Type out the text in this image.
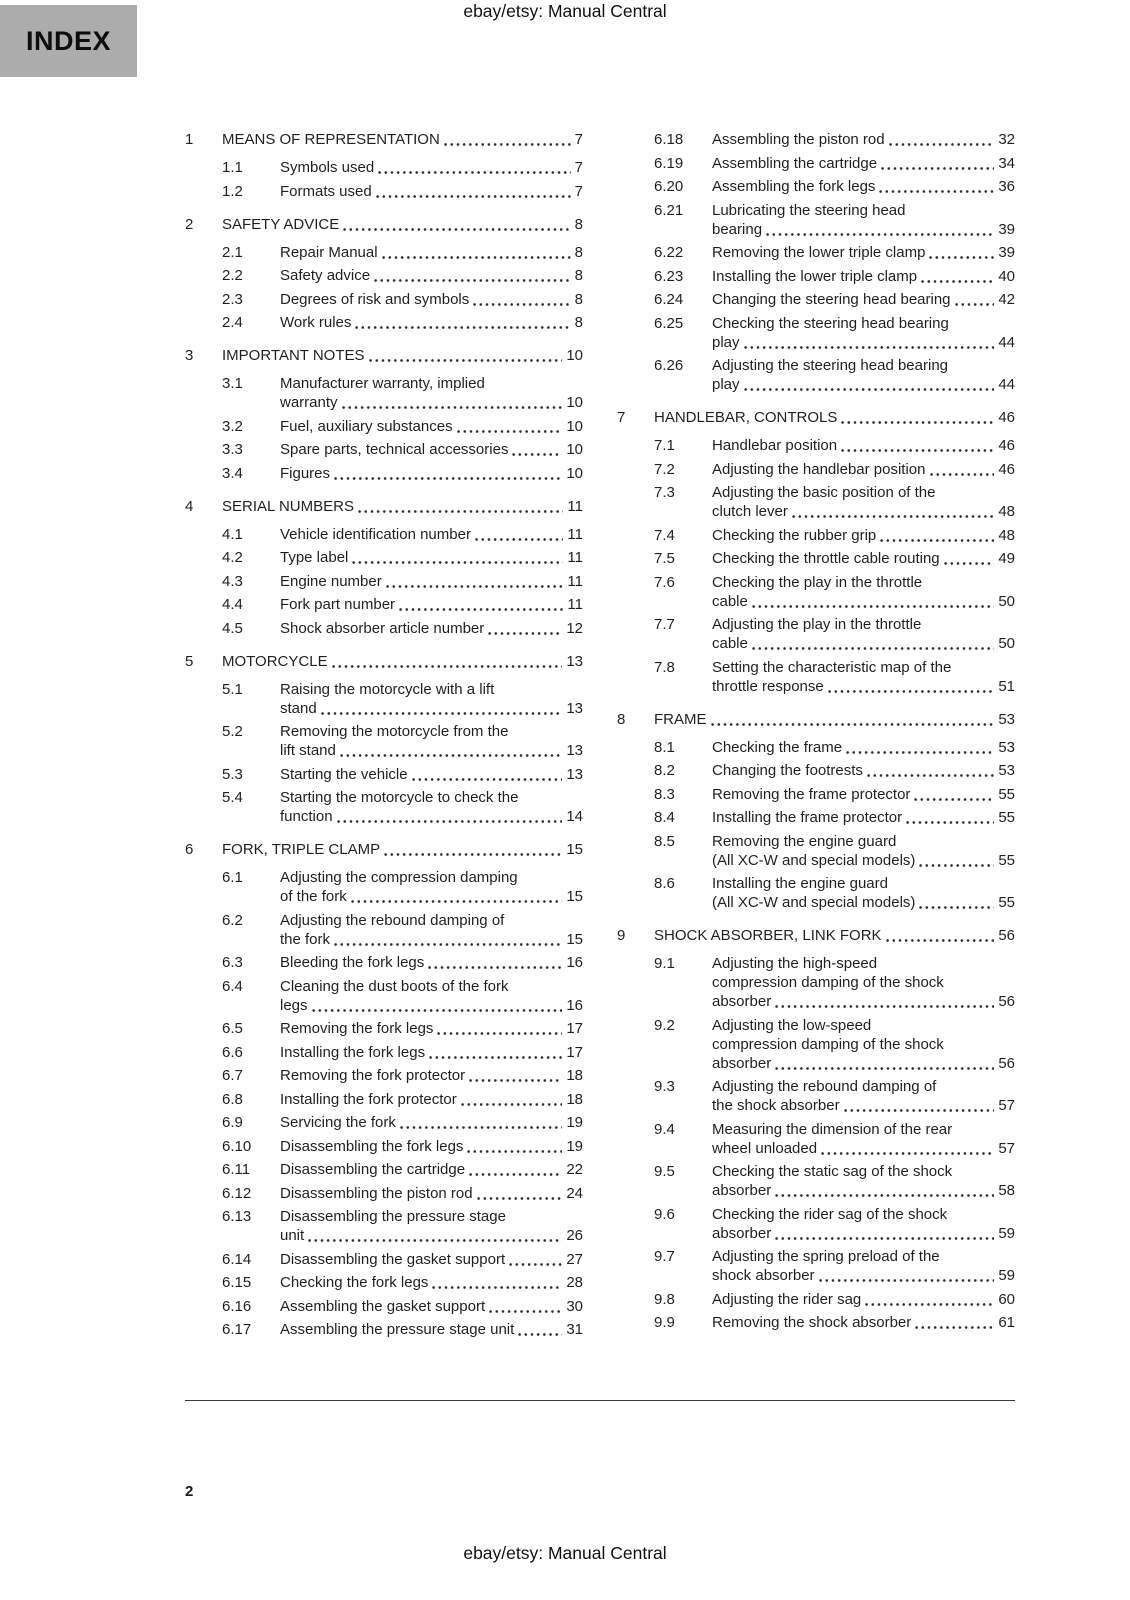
ebay/etsy: Manual Central
INDEX
1	MEANS OF REPRESENTATION	7
1.1	Symbols used	7
1.2	Formats used	7
2	SAFETY ADVICE	8
2.1	Repair Manual	8
2.2	Safety advice	8
2.3	Degrees of risk and symbols	8
2.4	Work rules	8
3	IMPORTANT NOTES	10
3.1	Manufacturer warranty, implied
warranty	10
3.2	Fuel, auxiliary substances	10
3.3	Spare parts, technical accessories	10
3.4	Figures	10
4	SERIAL NUMBERS	11
4.1	Vehicle identification number	11
4.2	Type label	11
4.3	Engine number	11
4.4	Fork part number	11
4.5	Shock absorber article number	12
5	MOTORCYCLE	13
5.1	Raising the motorcycle with a lift
stand	13
5.2	Removing the motorcycle from the
lift stand	13
5.3	Starting the vehicle	13
5.4	Starting the motorcycle to check the
function	14
6	FORK, TRIPLE CLAMP	15
6.1	Adjusting the compression damping
of the fork	15
6.2	Adjusting the rebound damping of
the fork	15
6.3	Bleeding the fork legs	16
6.4	Cleaning the dust boots of the fork
legs	16
6.5	Removing the fork legs	17
6.6	Installing the fork legs	17
6.7	Removing the fork protector	18
6.8	Installing the fork protector	18
6.9	Servicing the fork	19
6.10	Disassembling the fork legs	19
6.11	Disassembling the cartridge	22
6.12	Disassembling the piston rod	24
6.13	Disassembling the pressure stage
unit	26
6.14	Disassembling the gasket support	27
6.15	Checking the fork legs	28
6.16	Assembling the gasket support	30
6.17	Assembling the pressure stage unit	31
6.18	Assembling the piston rod	32
6.19	Assembling the cartridge	34
6.20	Assembling the fork legs	36
6.21	Lubricating the steering head
bearing	39
6.22	Removing the lower triple clamp	39
6.23	Installing the lower triple clamp	40
6.24	Changing the steering head bearing	42
6.25	Checking the steering head bearing
play	44
6.26	Adjusting the steering head bearing
play	44
7	HANDLEBAR, CONTROLS	46
7.1	Handlebar position	46
7.2	Adjusting the handlebar position	46
7.3	Adjusting the basic position of the
clutch lever	48
7.4	Checking the rubber grip	48
7.5	Checking the throttle cable routing	49
7.6	Checking the play in the throttle
cable	50
7.7	Adjusting the play in the throttle
cable	50
7.8	Setting the characteristic map of the
throttle response	51
8	FRAME	53
8.1	Checking the frame	53
8.2	Changing the footrests	53
8.3	Removing the frame protector	55
8.4	Installing the frame protector	55
8.5	Removing the engine guard
(All XC-W and special models)	55
8.6	Installing the engine guard
(All XC-W and special models)	55
9	SHOCK ABSORBER, LINK FORK	56
9.1	Adjusting the high-speed
compression damping of the shock
absorber	56
9.2	Adjusting the low-speed
compression damping of the shock
absorber	56
9.3	Adjusting the rebound damping of
the shock absorber	57
9.4	Measuring the dimension of the rear
wheel unloaded	57
9.5	Checking the static sag of the shock
absorber	58
9.6	Checking the rider sag of the shock
absorber	59
9.7	Adjusting the spring preload of the
shock absorber	59
9.8	Adjusting the rider sag	60
9.9	Removing the shock absorber	61
2
ebay/etsy: Manual Central
